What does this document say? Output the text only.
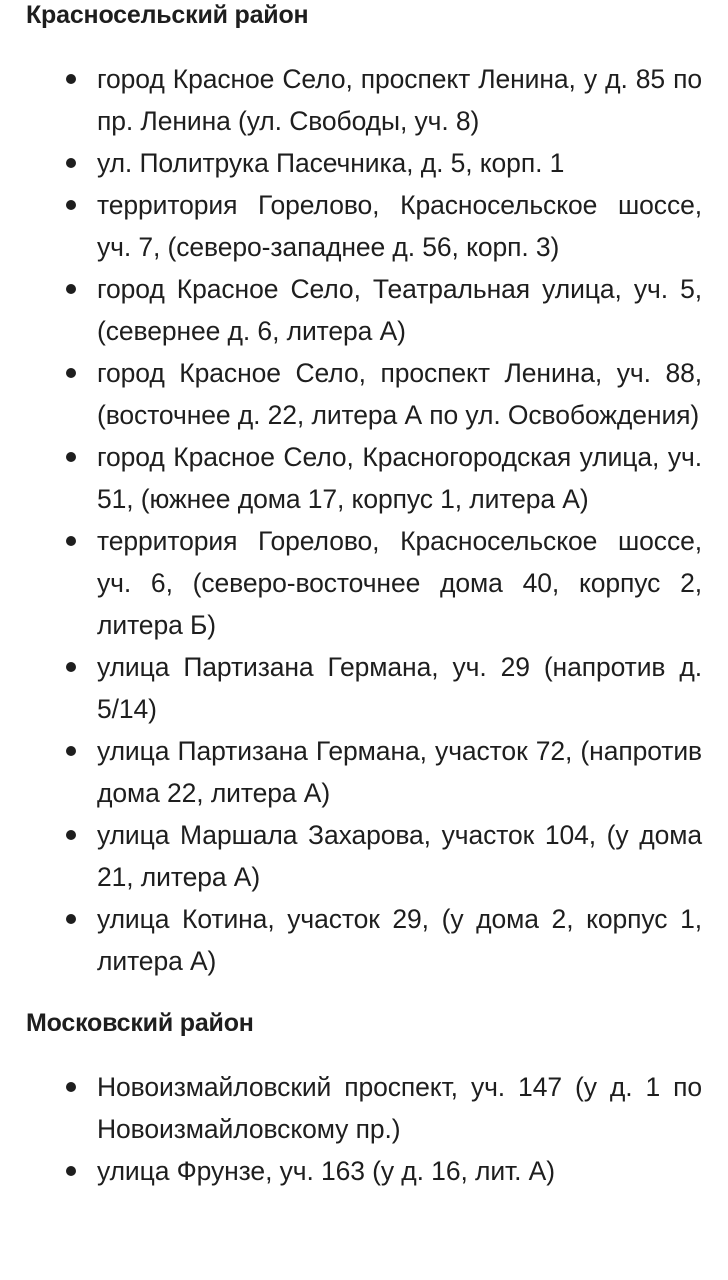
Красносельский район
город Красное Село, проспект Ленина, у д. 85 по пр. Ленина (ул. Свободы, уч. 8)
ул. Политрука Пасечника, д. 5, корп. 1
территория Горелово, Красносельское шоссе, уч. 7, (северо-западнее д. 56, корп. 3)
город Красное Село, Театральная улица, уч. 5, (севернее д. 6, литера А)
город Красное Село, проспект Ленина, уч. 88, (восточнее д. 22, литера А по ул. Освобождения)
город Красное Село, Красногородская улица, уч. 51, (южнее дома 17, корпус 1, литера А)
территория Горелово, Красносельское шоссе, уч. 6, (северо-восточнее дома 40, корпус 2, литера Б)
улица Партизана Германа, уч. 29 (напротив д. 5/14)
улица Партизана Германа, участок 72, (напротив дома 22, литера А)
улица Маршала Захарова, участок 104, (у дома 21, литера А)
улица Котина, участок 29, (у дома 2, корпус 1, литера А)
Московский район
Новоизмайловский проспект, уч. 147 (у д. 1 по Новоизмайловскому пр.)
улица Фрунзе, уч. 163 (у д. 16, лит. А)
